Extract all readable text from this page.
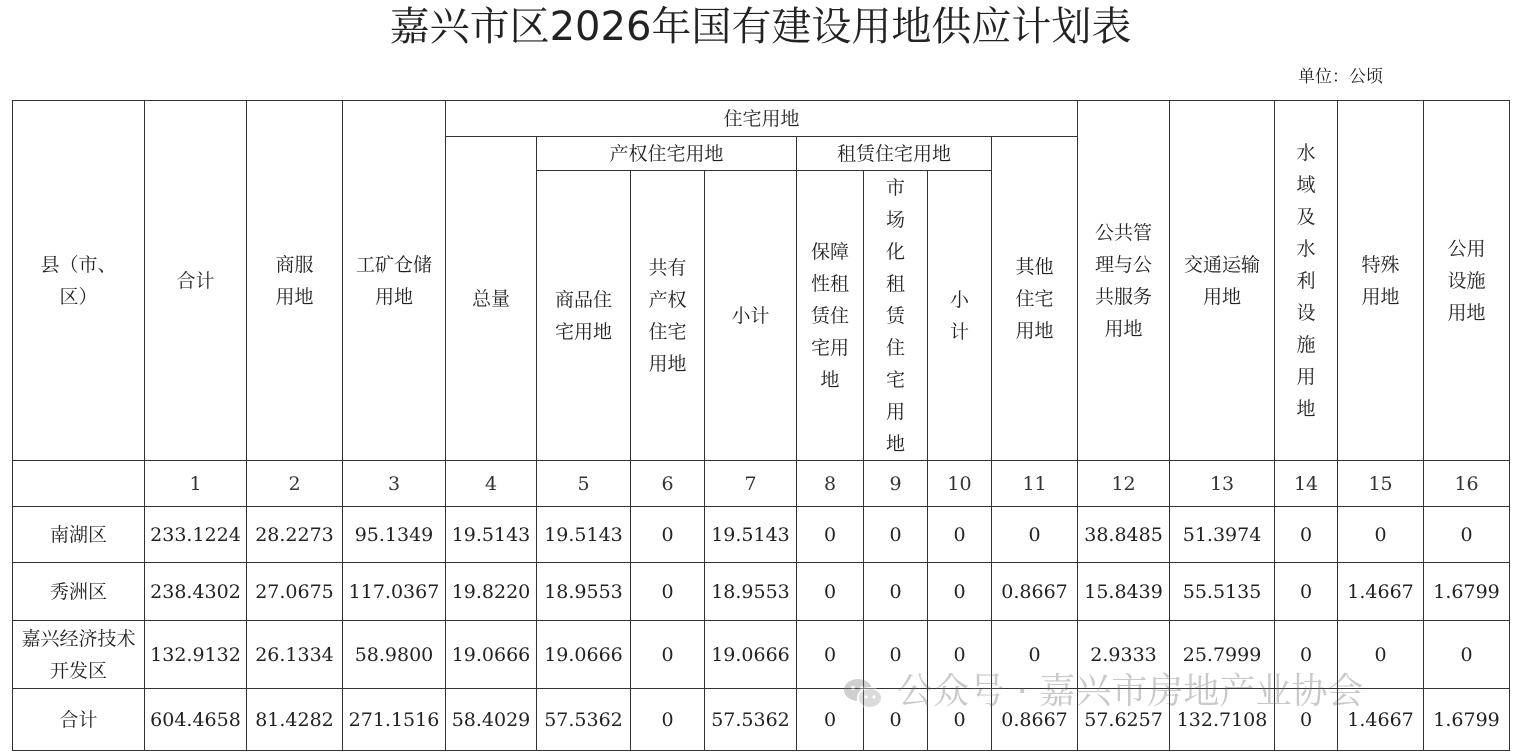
嘉兴市区2026年国有建设用地供应计划表
单位：公顷
县（市、区）	合计	商服用地	工矿仓储用地	住宅用地								公共管理与公共服务用地	交通运输用地	水域及水利设施用地	特殊用地	公用设施用地
				总量	产权住宅用地			租赁住宅用地			其他住宅用地					
					商品住宅用地	共有产权住宅用地	小计	保障性租赁住宅用地	市场化租赁住宅用地	小计						
	1	2	3	4	5	6	7	8	9	10	11	12	13	14	15	16
南湖区	233.1224	28.2273	95.1349	19.5143	19.5143	0	19.5143	0	0	0	0	38.8485	51.3974	0	0	0
秀洲区	238.4302	27.0675	117.0367	19.8220	18.9553	0	18.9553	0	0	0	0.8667	15.8439	55.5135	0	1.4667	1.6799
嘉兴经济技术开发区	132.9132	26.1334	58.9800	19.0666	19.0666	0	19.0666	0	0	0	0	2.9333	25.7999	0	0	0
合计	604.4658	81.4282	271.1516	58.4029	57.5362	0	57.5362	0	0	0	0.8667	57.6257	132.7108	0	1.4667	1.6799
公众号 · 嘉兴市房地产业协会
